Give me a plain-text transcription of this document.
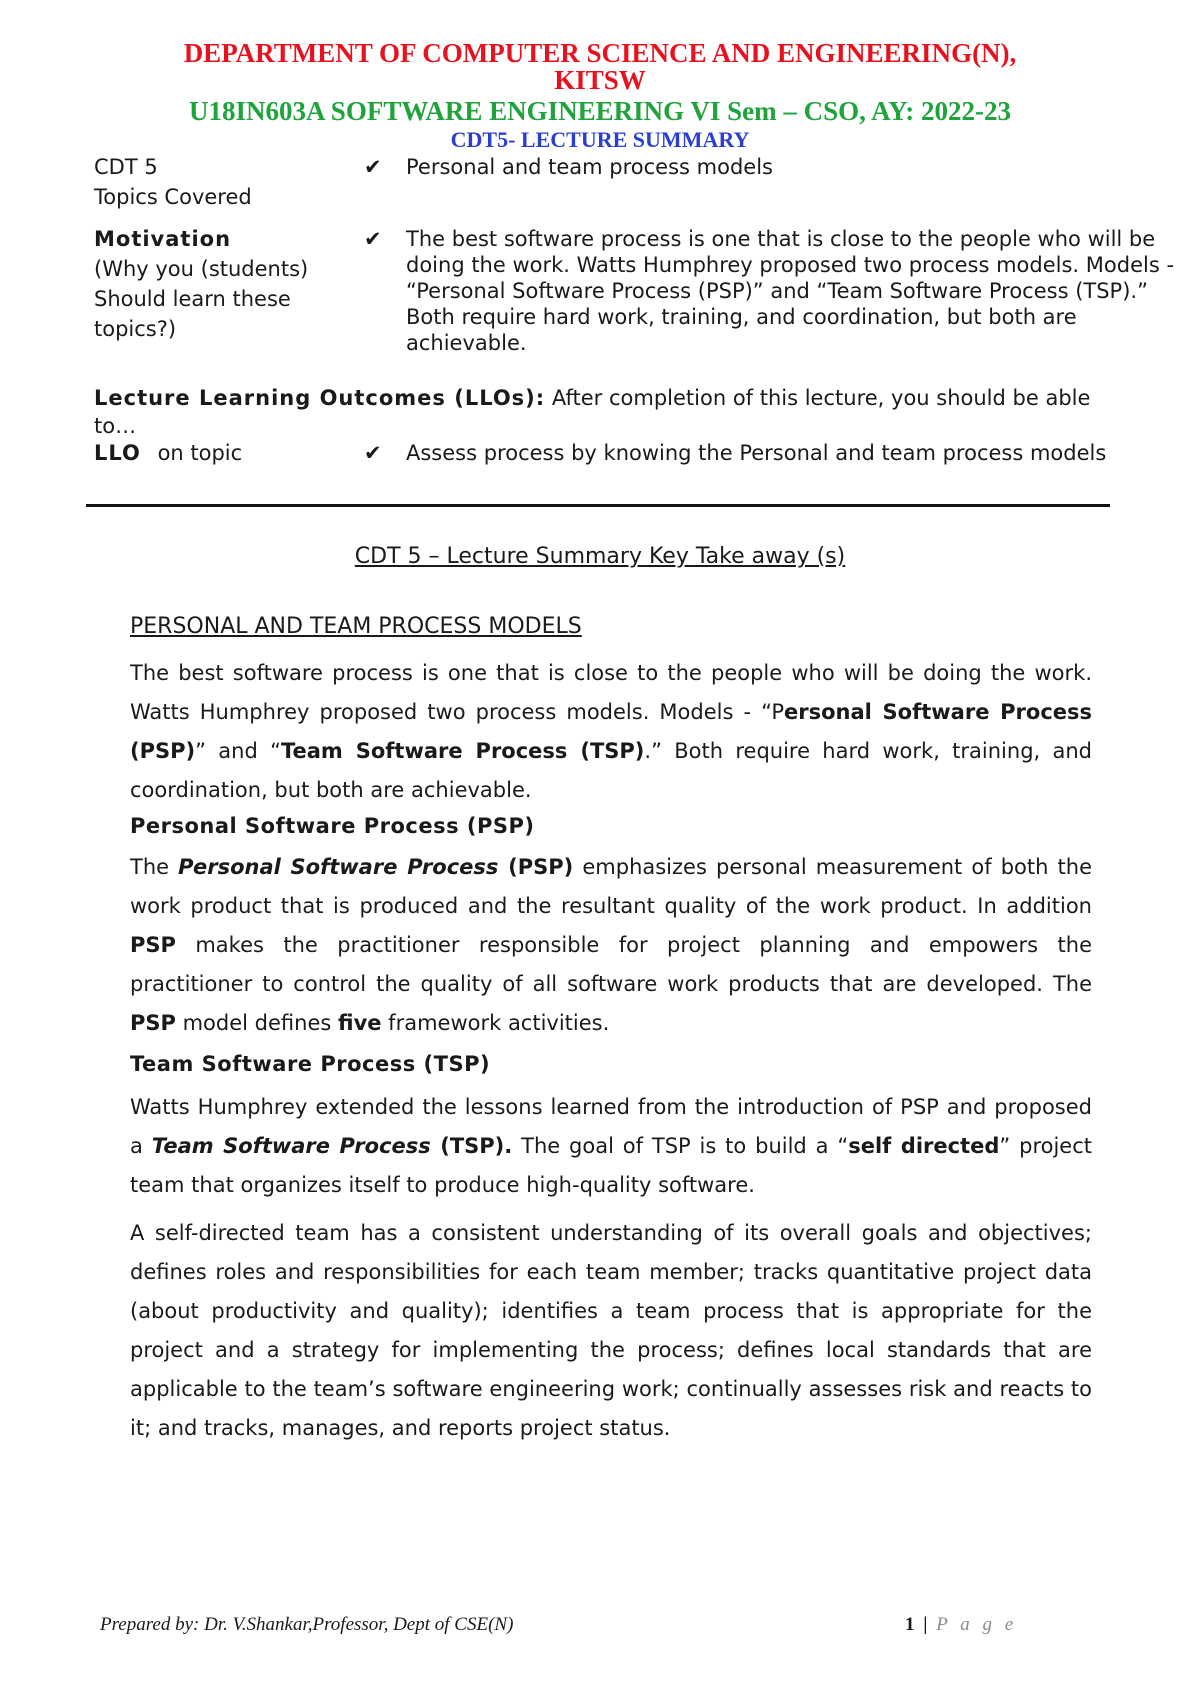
DEPARTMENT OF COMPUTER SCIENCE AND ENGINEERING(N),
KITSW
U18IN603A SOFTWARE ENGINEERING VI Sem – CSO, AY: 2022-23
CDT5- LECTURE SUMMARY
CDT 5
Topics Covered
✔ Personal and team process models
Motivation
(Why you (students) Should learn these topics?)
✔ The best software process is one that is close to the people who will be doing the work. Watts Humphrey proposed two process models. Models - “Personal Software Process (PSP)” and “Team Software Process (TSP).” Both require hard work, training, and coordination, but both are achievable.
Lecture Learning Outcomes (LLOs): After completion of this lecture, you should be able to…
LLO on topic	✔ Assess process by knowing the Personal and team process models
CDT 5 – Lecture Summary Key Take away (s)
PERSONAL AND TEAM PROCESS MODELS

The best software process is one that is close to the people who will be doing the work. Watts Humphrey proposed two process models. Models - “Personal Software Process (PSP)” and “Team Software Process (TSP).” Both require hard work, training, and coordination, but both are achievable.

Personal Software Process (PSP)

The Personal Software Process (PSP) emphasizes personal measurement of both the work product that is produced and the resultant quality of the work product. In addition PSP makes the practitioner responsible for project planning and empowers the practitioner to control the quality of all software work products that are developed. The PSP model defines five framework activities.

Team Software Process (TSP)

Watts Humphrey extended the lessons learned from the introduction of PSP and proposed a Team Software Process (TSP). The goal of TSP is to build a “self directed” project team that organizes itself to produce high-quality software.

A self-directed team has a consistent understanding of its overall goals and objectives; defines roles and responsibilities for each team member; tracks quantitative project data (about productivity and quality); identifies a team process that is appropriate for the project and a strategy for implementing the process; defines local standards that are applicable to the team’s software engineering work; continually assesses risk and reacts to it; and tracks, manages, and reports project status.

Prepared by: Dr. V.Shankar,Professor, Dept of CSE(N)	1 | P a g e
